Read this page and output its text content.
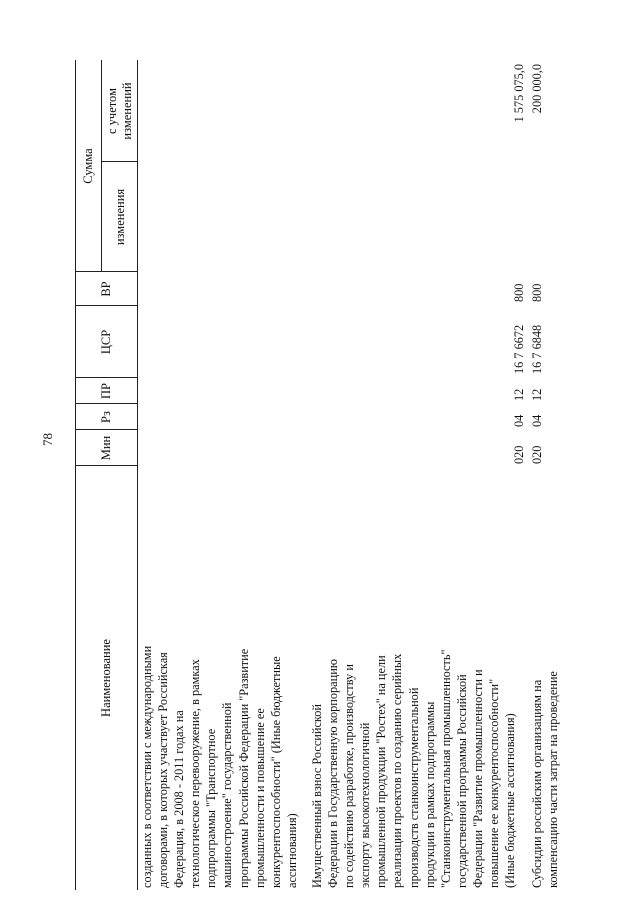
78
Наименование
Мин
Рз
ПР
ЦСР
ВР
Сумма
изменения
с учетом изменений
созданных в соответствии с международными
договорами, в которых участвует Российская
Федерация, в 2008 - 2011 годах на
технологическое перевооружение, в рамках
подпрограммы "Транспортное
машиностроение" государственной
программы Российской Федерации "Развитие
промышленности и повышение ее
конкурентоспособности" (Иные бюджетные
ассигнования) Имущественный взнос Российской
Федерации в Государственную корпорацию
по содействию разработке, производству и
экспорту высокотехнологичной
промышленной продукции "Ростех" на цели
реализации проектов по созданию серийных
производств станкоинструментальной
продукции в рамках подпрограммы
"Станкоинструментальная промышленность"
государственной программы Российской
Федерации "Развитие промышленности и
повышение ее конкурентоспособности"
(Иные бюджетные ассигнования)
020
04
12
16 7 6672
800
1 575 075,0
Субсидии российским организациям на
компенсацию части затрат на проведение
020
04
12
16 7 6848
800
200 000,0
